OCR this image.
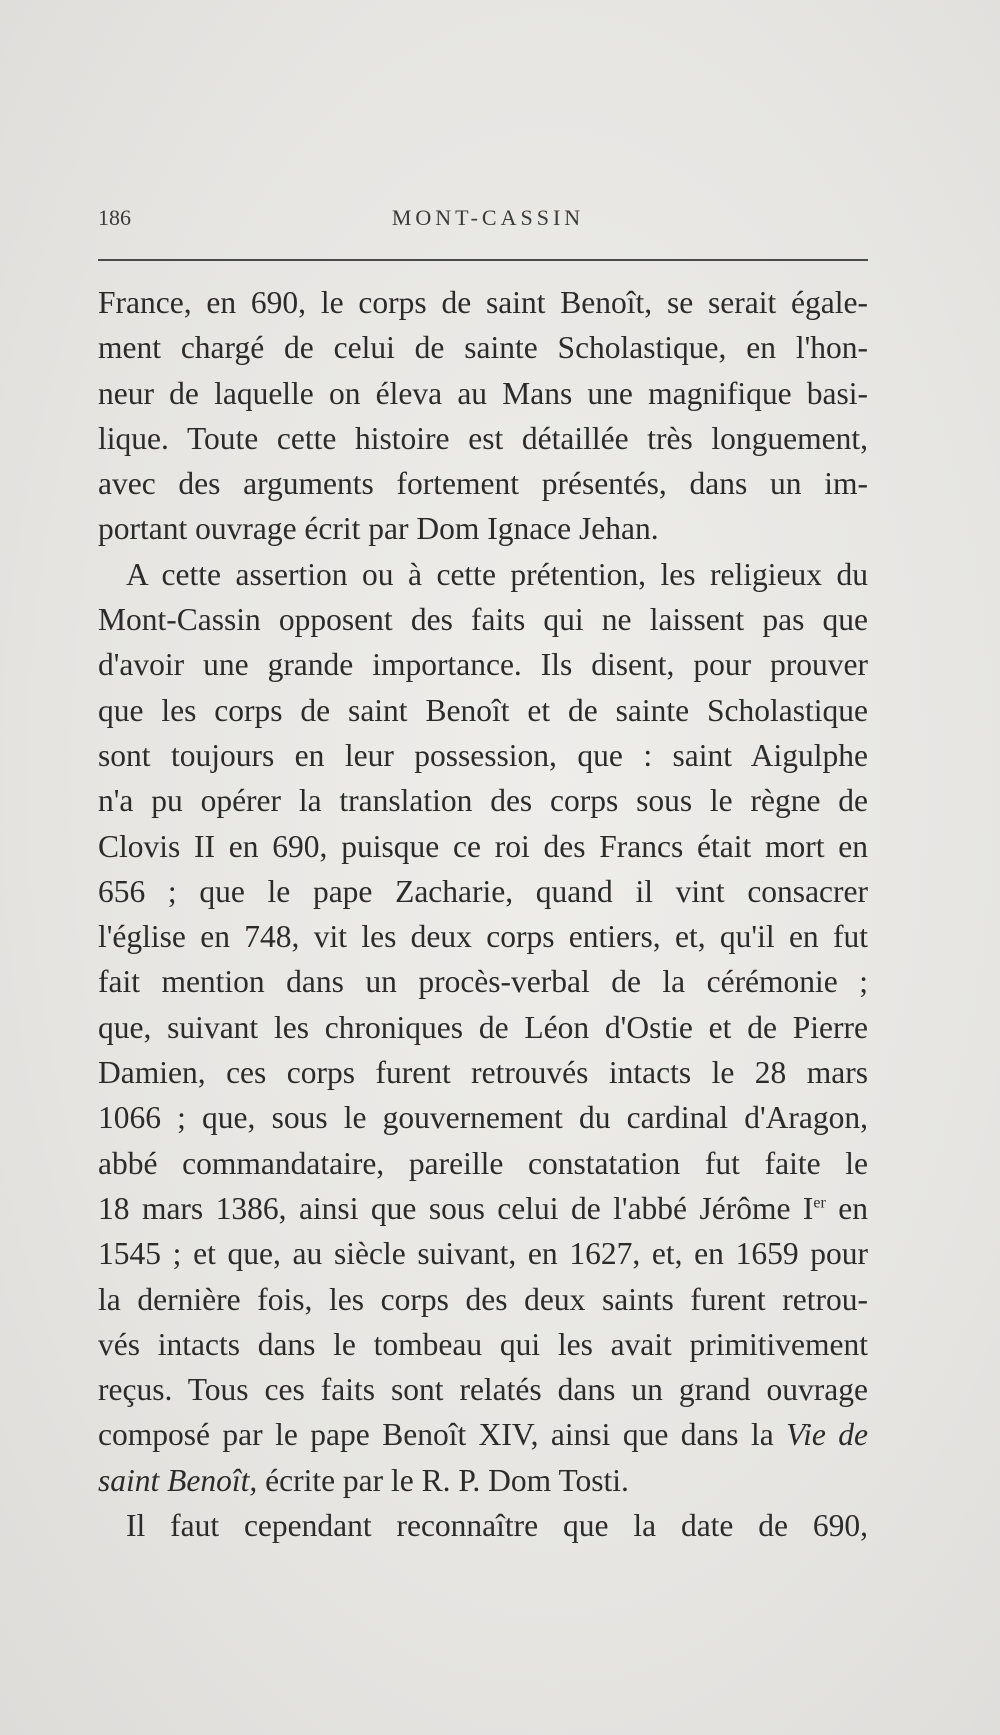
186	MONT-CASSIN
France, en 690, le corps de saint Benoît, se serait égale-
ment chargé de celui de sainte Scholastique, en l'hon-
neur de laquelle on éleva au Mans une magnifique basi-
lique. Toute cette histoire est détaillée très longuement,
avec des arguments fortement présentés, dans un im-
portant ouvrage écrit par Dom Ignace Jehan.
A cette assertion ou à cette prétention, les religieux du
Mont-Cassin opposent des faits qui ne laissent pas que
d'avoir une grande importance. Ils disent, pour prouver
que les corps de saint Benoît et de sainte Scholastique
sont toujours en leur possession, que : saint Aigulphe
n'a pu opérer la translation des corps sous le règne de
Clovis II en 690, puisque ce roi des Francs était mort en
656 ; que le pape Zacharie, quand il vint consacrer
l'église en 748, vit les deux corps entiers, et, qu'il en fut
fait mention dans un procès-verbal de la cérémonie ;
que, suivant les chroniques de Léon d'Ostie et de Pierre
Damien, ces corps furent retrouvés intacts le 28 mars
1066 ; que, sous le gouvernement du cardinal d'Aragon,
abbé commandataire, pareille constatation fut faite le
18 mars 1386, ainsi que sous celui de l'abbé Jérôme Ier en
1545 ; et que, au siècle suivant, en 1627, et, en 1659 pour
la dernière fois, les corps des deux saints furent retrou-
vés intacts dans le tombeau qui les avait primitivement
reçus. Tous ces faits sont relatés dans un grand ouvrage
composé par le pape Benoît XIV, ainsi que dans la Vie de
saint Benoît, écrite par le R. P. Dom Tosti.
Il faut cependant reconnaître que la date de 690,
